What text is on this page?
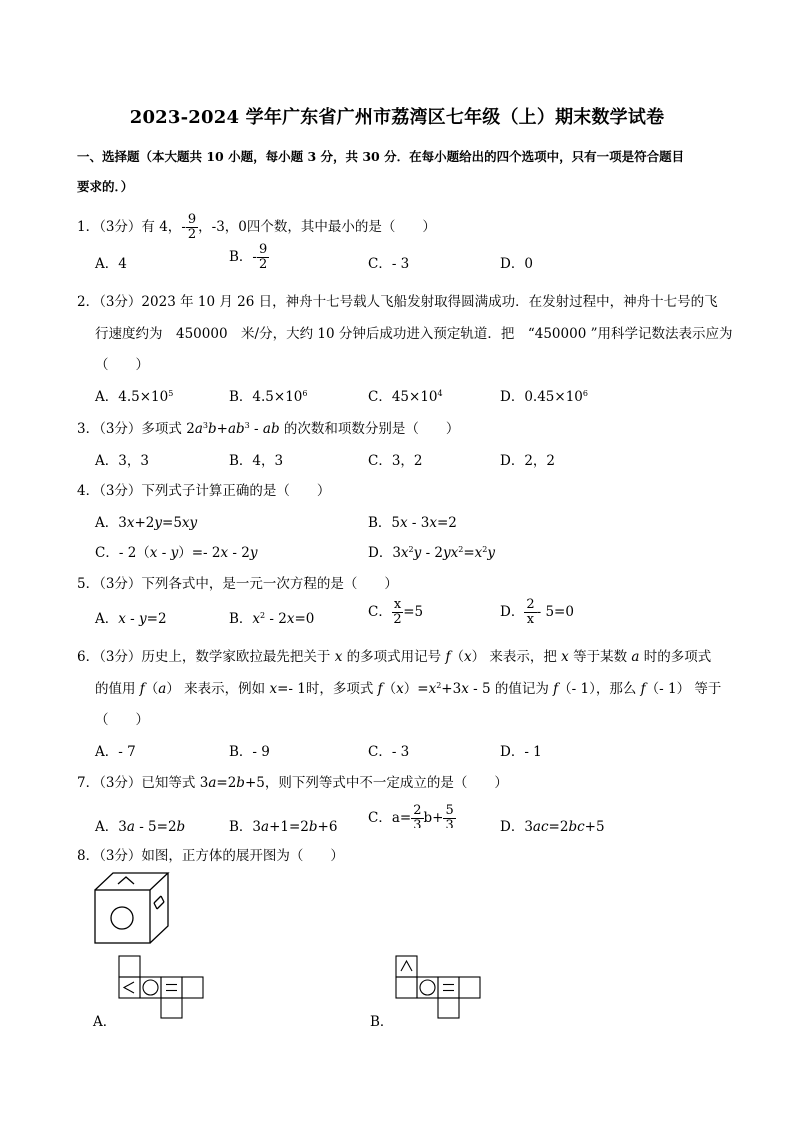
2023-2024 学年广东省广州市荔湾区七年级（上）期末数学试卷
一、选择题（本大题共 10 小题，每小题 3 分，共 30 分．在每小题给出的四个选项中，只有一项是符合题目
要求的．）
1．（3分）有 4，- $\frac{9}{2}$ ，-3，0四个数，其中最小的是（　　）
A．4	B．- $\frac{9}{2}$	C．- 3	D．0
2．（3分）2023 年 10 月 26 日，神舟十七号载人飞船发射取得圆满成功．在发射过程中，神舟十七号的飞
行速度约为　450000　米/分，大约 10 分钟后成功进入预定轨道．把　“450000 ”用科学记数法表示应为
（　　）
A．$4.5\times 10^5$	B．$4.5\times 10^6$	C．$45\times 10^4$	D．$0.45\times 10^6$
3．（3分）多项式 $2a^3b+ab^3$ - ab 的次数和项数分别是（　　）
A．3，3	B．4，3	C．3，2	D．2，2
4．（3分）下列式子计算正确的是（　　）
A．3x+2y=5xy	B．5x - 3x=2
C．- 2（x - y）=- 2x - 2y	D．$3x^2y - 2yx^2=x^2y$
5．（3分）下列各式中，是一元一次方程的是（　　）
A．x - y=2	B．$x^2 - 2x=0$	C． $\frac{x}{2} =5$	D． $\frac{2}{x} - 5=0$
6．（3分）历史上，数学家欧拉最先把关于 x 的多项式用记号 f（x） 来表示，把 x 等于某数 a 时的多项式
的值用 f（a） 来表示，例如 x=- 1时，多项式 $f(x)=x^2+3x - 5$ 的值记为 f（- 1），那么 f（- 1） 等于
（　　）
A．- 7	B．- 9	C．- 3	D．- 1
7．（3分）已知等式 3a=2b+5，则下列等式中不一定成立的是（　　）
A．3a - 5=2b	B．3a+1=2b+6
C．$a= \frac{2}{3} b+ \frac{5}{3}$	D．3ac=2bc+5
8．（3分）如图，正方体的展开图为（　　）
A．	B．
